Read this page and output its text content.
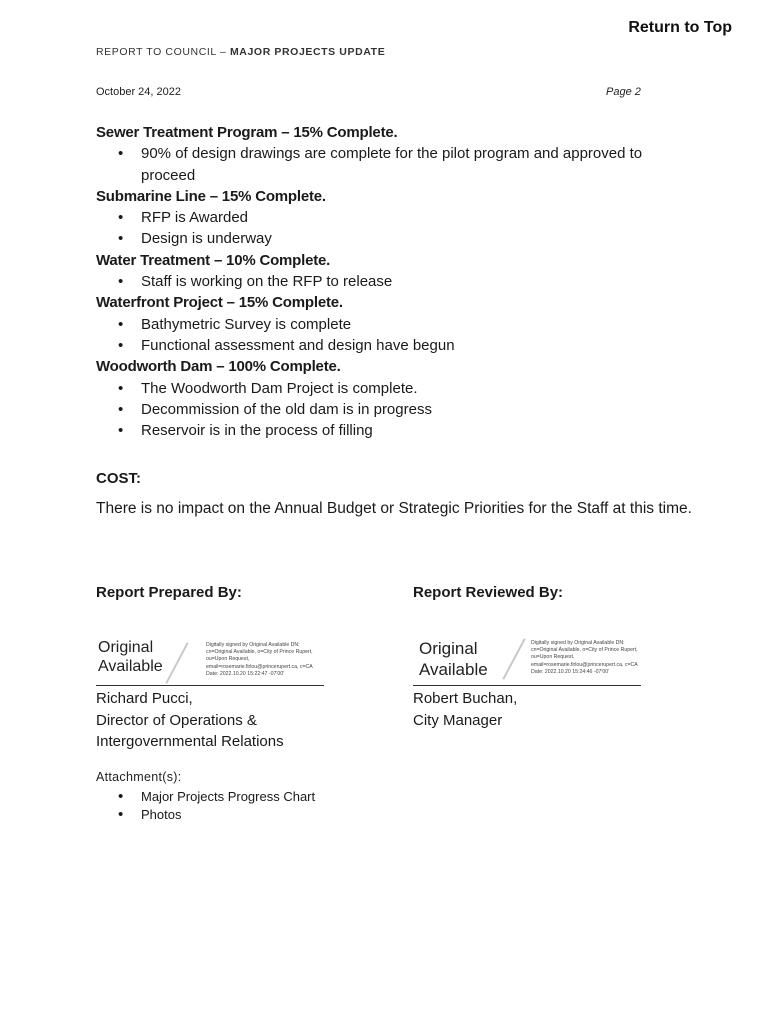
Return to Top
REPORT TO COUNCIL – MAJOR PROJECTS UPDATE
October 24, 2022	Page 2

Sewer Treatment Program – 15% Complete.

• 90% of design drawings are complete for the pilot program and approved to proceed

Submarine Line – 15% Complete.

• RFP is Awarded
• Design is underway

Water Treatment – 10% Complete.

• Staff is working on the RFP to release

Waterfront Project – 15% Complete.

• Bathymetric Survey is complete
• Functional assessment and design have begun

Woodworth Dam – 100% Complete.

• The Woodworth Dam Project is complete.
• Decommission of the old dam is in progress
• Reservoir is in the process of filling
COST:
There is no impact on the Annual Budget or Strategic Priorities for the Staff at this time.
Report Prepared By:
Original
Available
Digitally signed by Original Available DN: cn=Original Available, o=City of Prince Rupert, ou=Upon Request, email=rosemarie.firlou@princerupert.ca, c=CA Date: 2022.10.20 15:22:47 -07'00'
Richard Pucci,
Director of Operations &
Intergovernmental Relations
Report Reviewed By:
Original
Available
Digitally signed by Original Available DN: cn=Original Available, o=City of Prince Rupert, ou=Upon Request, email=rosemarie.firlou@princerupert.ca, c=CA Date: 2022.10.20 15:24:46 -07'00'
Robert Buchan,
City Manager
Attachment(s):
• Major Projects Progress Chart
• Photos
